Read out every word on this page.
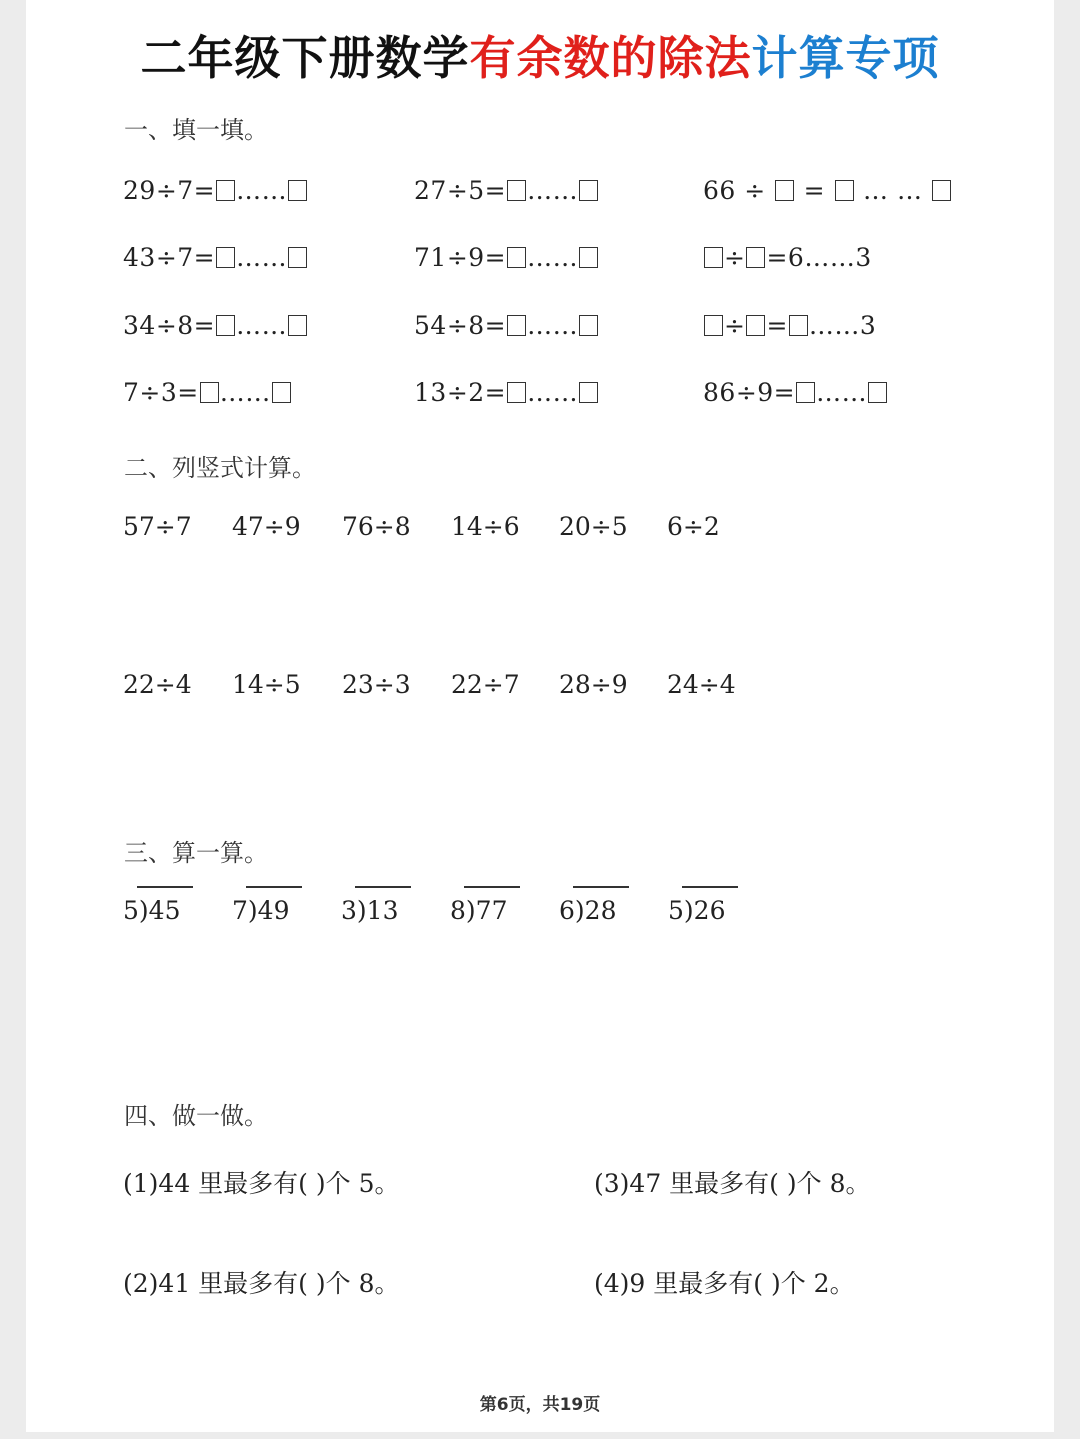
二年级下册数学有余数的除法计算专项
一、填一填。
29÷7= ……	27÷5= ……	66 ÷ = … …
43÷7= ……	71÷9= ……	÷ =6……3
34÷8= ……	54÷8= ……	÷ = ……3
7÷3= ……	13÷2= ……	86÷9= ……
二、列竖式计算。
57÷7 47÷9 76÷8 14÷6 20÷5 6÷2
22÷4 14÷5 23÷3 22÷7 28÷9 24÷4
三、算一算。
5)45 7)49 3)13 8)77 6)28 5)26
四、做一做。
(1)44 里最多有( )个 5。	(3)47 里最多有( )个 8。
(2)41 里最多有( )个 8。	(4)9 里最多有( )个 2。
第6页，共19页
